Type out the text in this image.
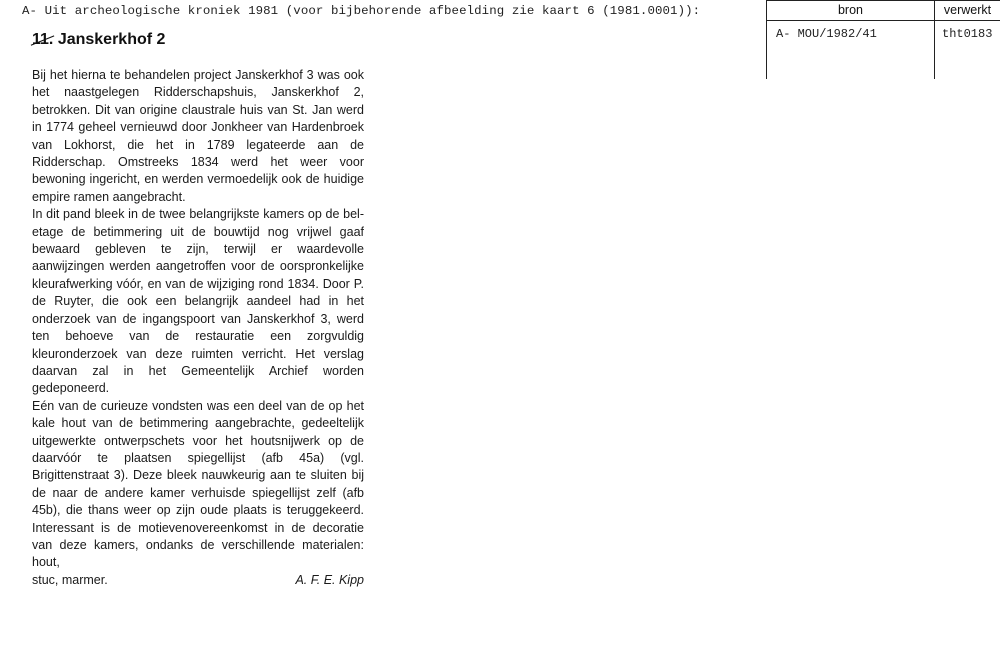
A- Uit archeologische kroniek 1981 (voor bijbehorende afbeelding zie kaart 6 (1981.0001)):	bron	verwerkt
A- MOU/1982/41	tht0183
11. Janskerkhof 2

Bij het hierna te behandelen project Janskerkhof 3 was ook het naastgelegen Ridderschapshuis, Janskerkhof 2, betrokken. Dit van origine claustrale huis van St. Jan werd in 1774 geheel vernieuwd door Jonkheer van Hardenbroek van Lokhorst, die het in 1789 legateerde aan de Ridderschap. Omstreeks 1834 werd het weer voor bewoning ingericht, en werden vermoedelijk ook de huidige empire ramen aangebracht.

In dit pand bleek in de twee belangrijkste kamers op de bel-etage de betimmering uit de bouwtijd nog vrijwel gaaf bewaard gebleven te zijn, terwijl er waardevolle aanwijzingen werden aangetroffen voor de oorspronkelijke kleurafwerking vóór, en van de wijziging rond 1834. Door P. de Ruyter, die ook een belangrijk aandeel had in het onderzoek van de ingangspoort van Janskerkhof 3, werd ten behoeve van de restauratie een zorgvuldig kleuronderzoek van deze ruimten verricht. Het verslag daarvan zal in het Gemeentelijk Archief worden gedeponeerd.

Eén van de curieuze vondsten was een deel van de op het kale hout van de betimmering aangebrachte, gedeeltelijk uitgewerkte ontwerpschets voor het houtsnijwerk op de daarvóór te plaatsen spiegellijst (afb 45a) (vgl. Brigittenstraat 3). Deze bleek nauwkeurig aan te sluiten bij de naar de andere kamer verhuisde spiegellijst zelf (afb 45b), die thans weer op zijn oude plaats is teruggekeerd. Interessant is de motievenovereenkomst in de decoratie van deze kamers, ondanks de verschillende materialen: hout,

stuc, marmer.	A. F. E. Kipp
